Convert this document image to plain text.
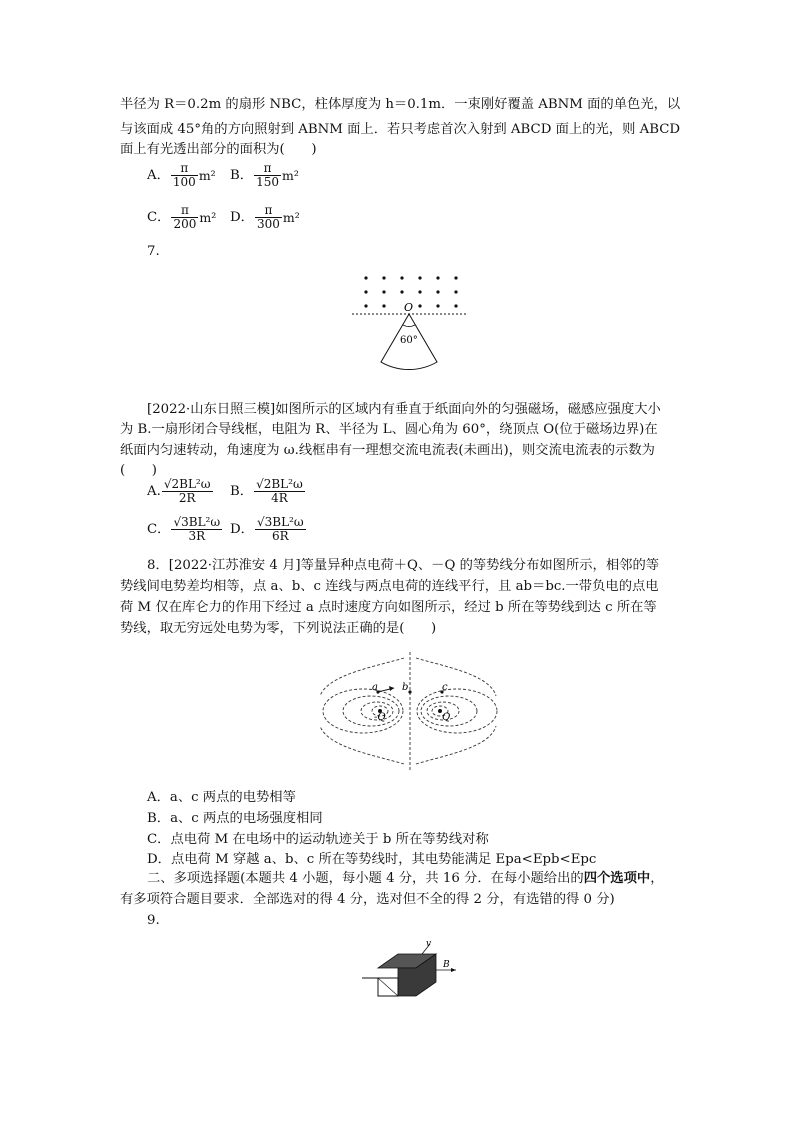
半径为 R＝0.2m 的扇形 NBC，柱体厚度为 h＝0.1m．一束刚好覆盖 ABNM 面的单色光，以
与该面成 45°角的方向照射到 ABNM 面上．若只考虑首次入射到 ABCD 面上的光，则 ABCD
面上有光透出部分的面积为(　　)
A． $\frac{\pi}{100} m^2$ B． $\frac{\pi}{150} m^2$
C． $\frac{\pi}{200} m^2$ D． $\frac{\pi}{300} m^2$
7.
O
60°
[2022·山东日照三模]如图所示的区域内有垂直于纸面向外的匀强磁场，磁感应强度大小
为 B.一扇形闭合导线框，电阻为 R、半径为 L、圆心角为 60°，绕顶点 O(位于磁场边界)在
纸面内匀速转动，角速度为 ω.线框串有一理想交流电流表(未画出)，则交流电流表的示数为
(　　)
A. $\frac{\text{√2BL²ω}}{2R}$ B． $\frac{\text{√2BL²ω}}{4R}$
C． $\frac{\text{√3BL²ω}}{3R}$ D． $\frac{\text{√3BL²ω}}{6R}$
8．[2022·江苏淮安 4 月]等量异种点电荷＋Q、－Q 的等势线分布如图所示，相邻的等
势线间电势差均相等，点 a、b、c 连线与两点电荷的连线平行，且 ab＝bc.一带负电的点电
荷 M 仅在库仑力的作用下经过 a 点时速度方向如图所示，经过 b 所在等势线到达 c 所在等
势线，取无穷远处电势为零，下列说法正确的是(　　)
a b	c
-Q	Q
A．a、c 两点的电势相等
B．a、c 两点的电场强度相同
C．点电荷 M 在电场中的运动轨迹关于 b 所在等势线对称
D．点电荷 M 穿越 a、b、c 所在等势线时，其电势能满足 Epa<Epb<Epc
二、多项选择题(本题共 4 小题，每小题 4 分，共 16 分．在每小题给出的四个选项中，
有多项符合题目要求．全部选对的得 4 分，选对但不全的得 2 分，有选错的得 0 分)
9.
v
B
